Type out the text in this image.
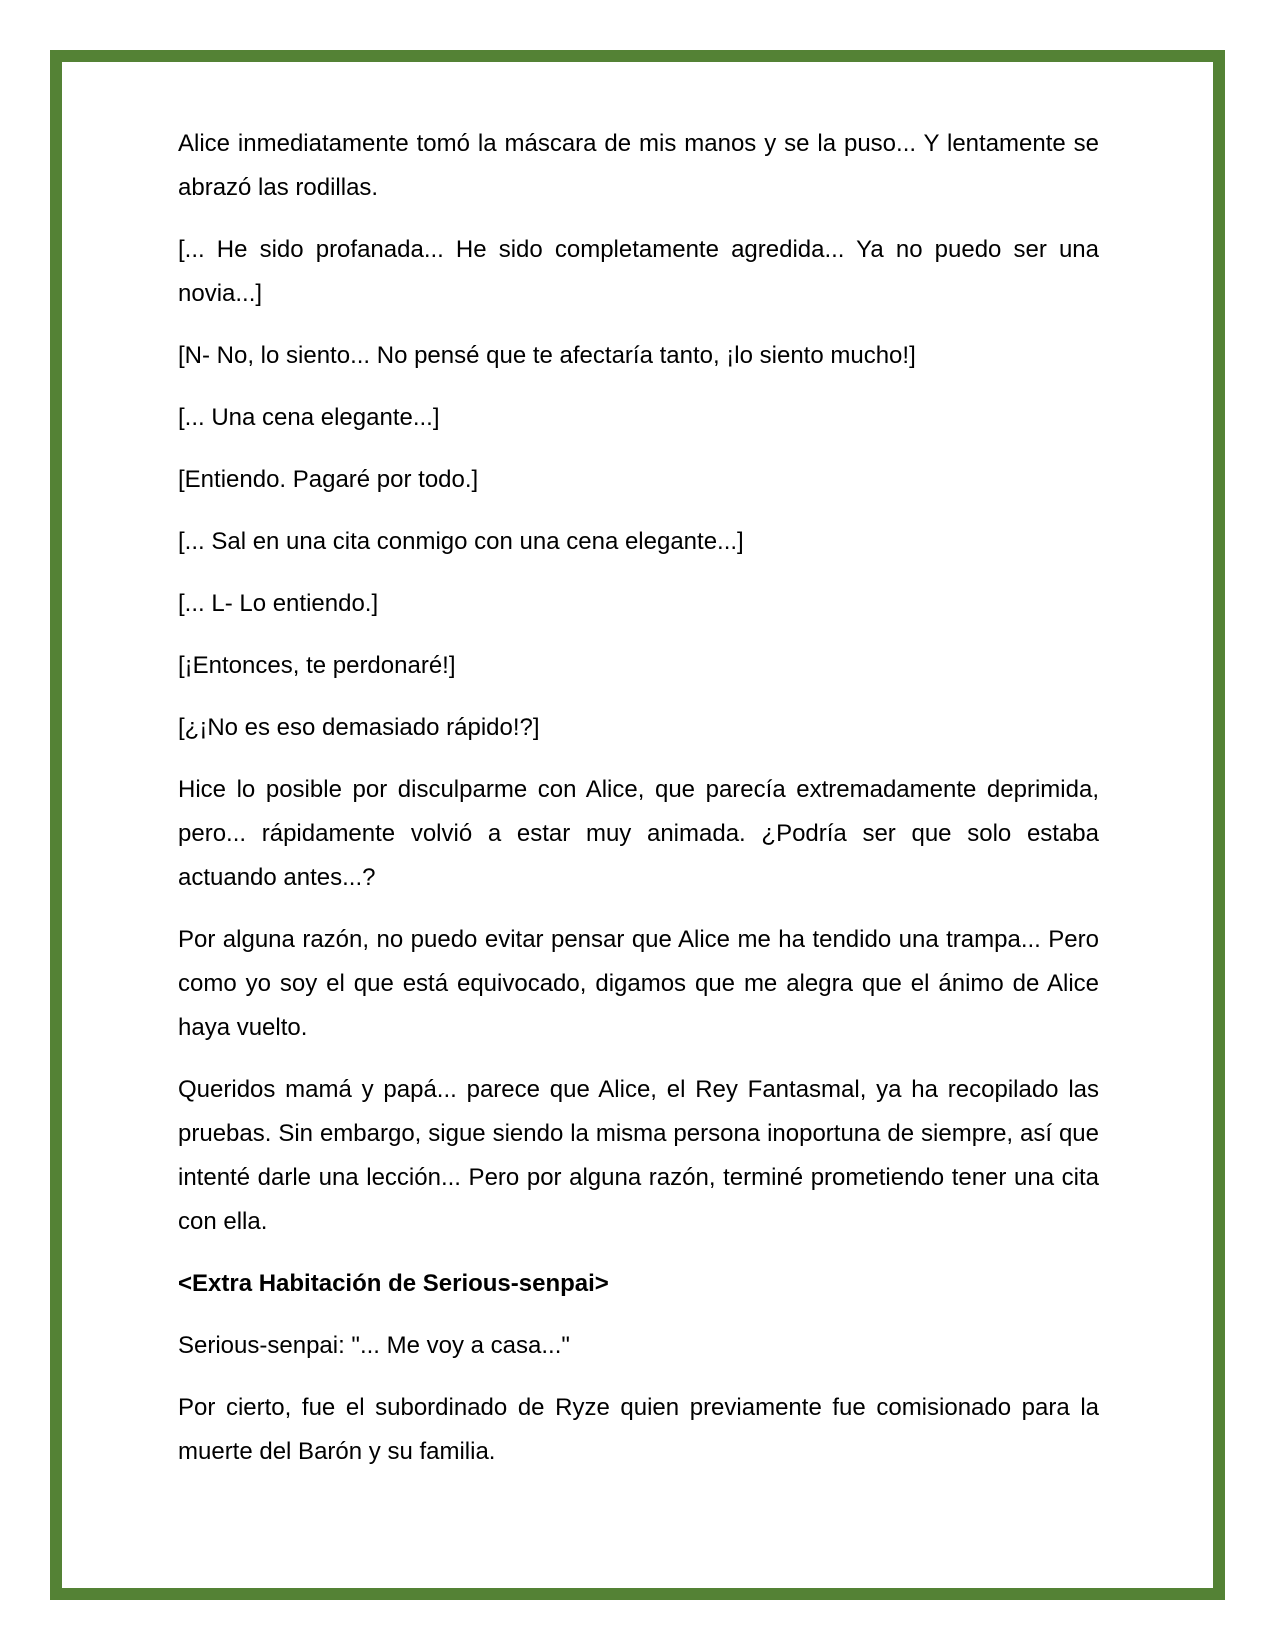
Alice inmediatamente tomó la máscara de mis manos y se la puso... Y lentamente se abrazó las rodillas.

[... He sido profanada... He sido completamente agredida... Ya no puedo ser una novia...]

[N- No, lo siento... No pensé que te afectaría tanto, ¡lo siento mucho!]

[... Una cena elegante...]

[Entiendo. Pagaré por todo.]

[... Sal en una cita conmigo con una cena elegante...]

[... L- Lo entiendo.]

[¡Entonces, te perdonaré!]

[¿¡No es eso demasiado rápido!?]

Hice lo posible por disculparme con Alice, que parecía extremadamente deprimida, pero... rápidamente volvió a estar muy animada. ¿Podría ser que solo estaba actuando antes...?

Por alguna razón, no puedo evitar pensar que Alice me ha tendido una trampa... Pero como yo soy el que está equivocado, digamos que me alegra que el ánimo de Alice haya vuelto.

Queridos mamá y papá... parece que Alice, el Rey Fantasmal, ya ha recopilado las pruebas. Sin embargo, sigue siendo la misma persona inoportuna de siempre, así que intenté darle una lección... Pero por alguna razón, terminé prometiendo tener una cita con ella.

<Extra Habitación de Serious-senpai>

Serious-senpai: "... Me voy a casa..."

Por cierto, fue el subordinado de Ryze quien previamente fue comisionado para la muerte del Barón y su familia.
